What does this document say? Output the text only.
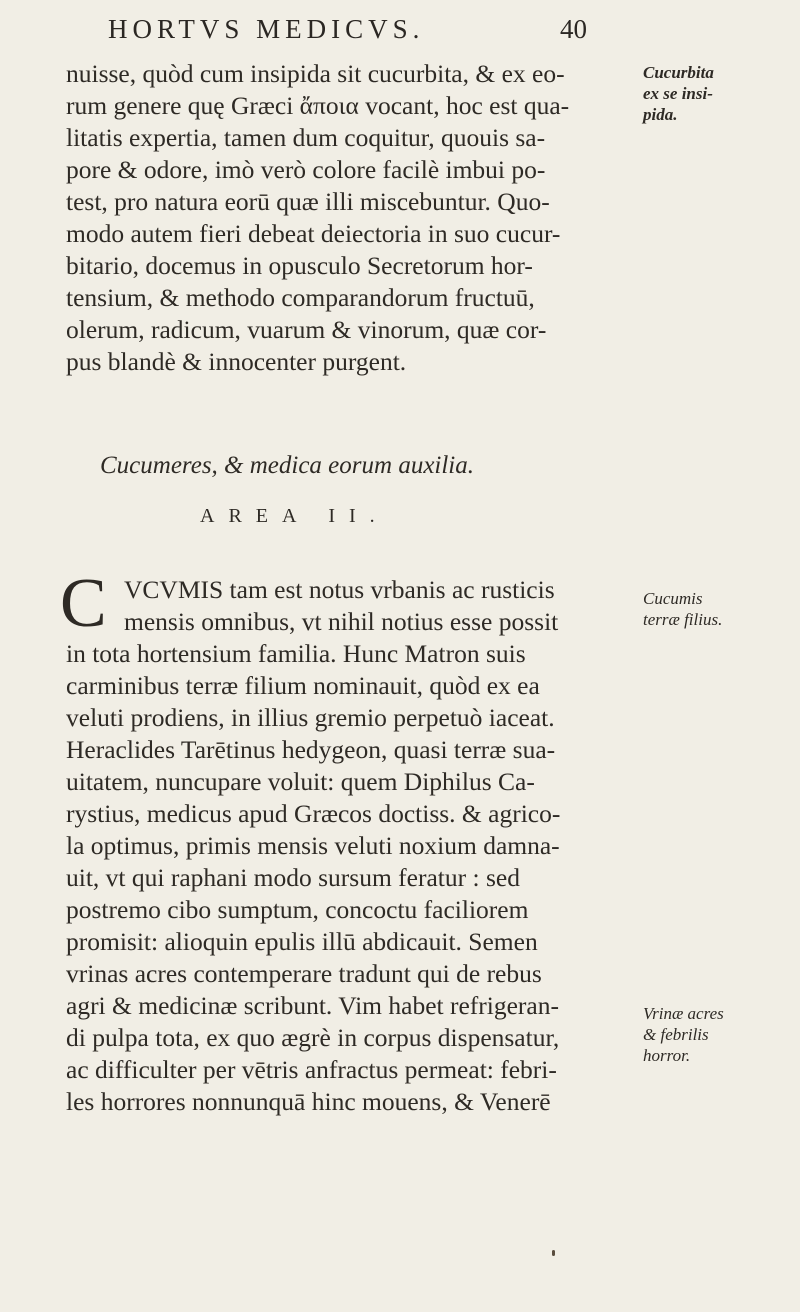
HORTVS MEDICVS.	40
nuisse, quòd cum insipida sit cucurbita, & ex eo-
rum genere quę Græci ἄποια vocant, hoc est qua-
litatis expertia, tamen dum coquitur, quouis sa-
pore & odore, imò verò colore facilè imbui po-
test, pro natura eorū quæ illi miscebuntur. Quo-
modo autem fieri debeat deiectoria in suo cucur-
bitario, docemus in opusculo Secretorum hor-
tensium, & methodo comparandorum fructuū,
olerum, radicum, vuarum & vinorum, quæ cor-
pus blandè & innocenter purgent.
Cucumeres, & medica eorum auxilia.
AREA II.
C VCVMIS tam est notus vrbanis ac rusticis
mensis omnibus, vt nihil notius esse possit
in tota hortensium familia. Hunc Matron suis
carminibus terræ filium nominauit, quòd ex ea
veluti prodiens, in illius gremio perpetuò iaceat.
Heraclides Tarētinus hedygeon, quasi terræ sua-
uitatem, nuncupare voluit: quem Diphilus Ca-
rystius, medicus apud Græcos doctiss. & agrico-
la optimus, primis mensis veluti noxium damna-
uit, vt qui raphani modo sursum feratur : sed
postremo cibo sumptum, concoctu faciliorem
promisit: alioquin epulis illū abdicauit. Semen
vrinas acres contemperare tradunt qui de rebus
agri & medicinæ scribunt. Vim habet refrigeran-
di pulpa tota, ex quo ægrè in corpus dispensatur,
ac difficulter per vētris anfractus permeat: febri-
les horrores nonnunquā hinc mouens, & Venerē
Cucurbita
ex se insi-
pida.
Cucumis
terræ filius.
Vrinæ acres
& febrilis
horror.
